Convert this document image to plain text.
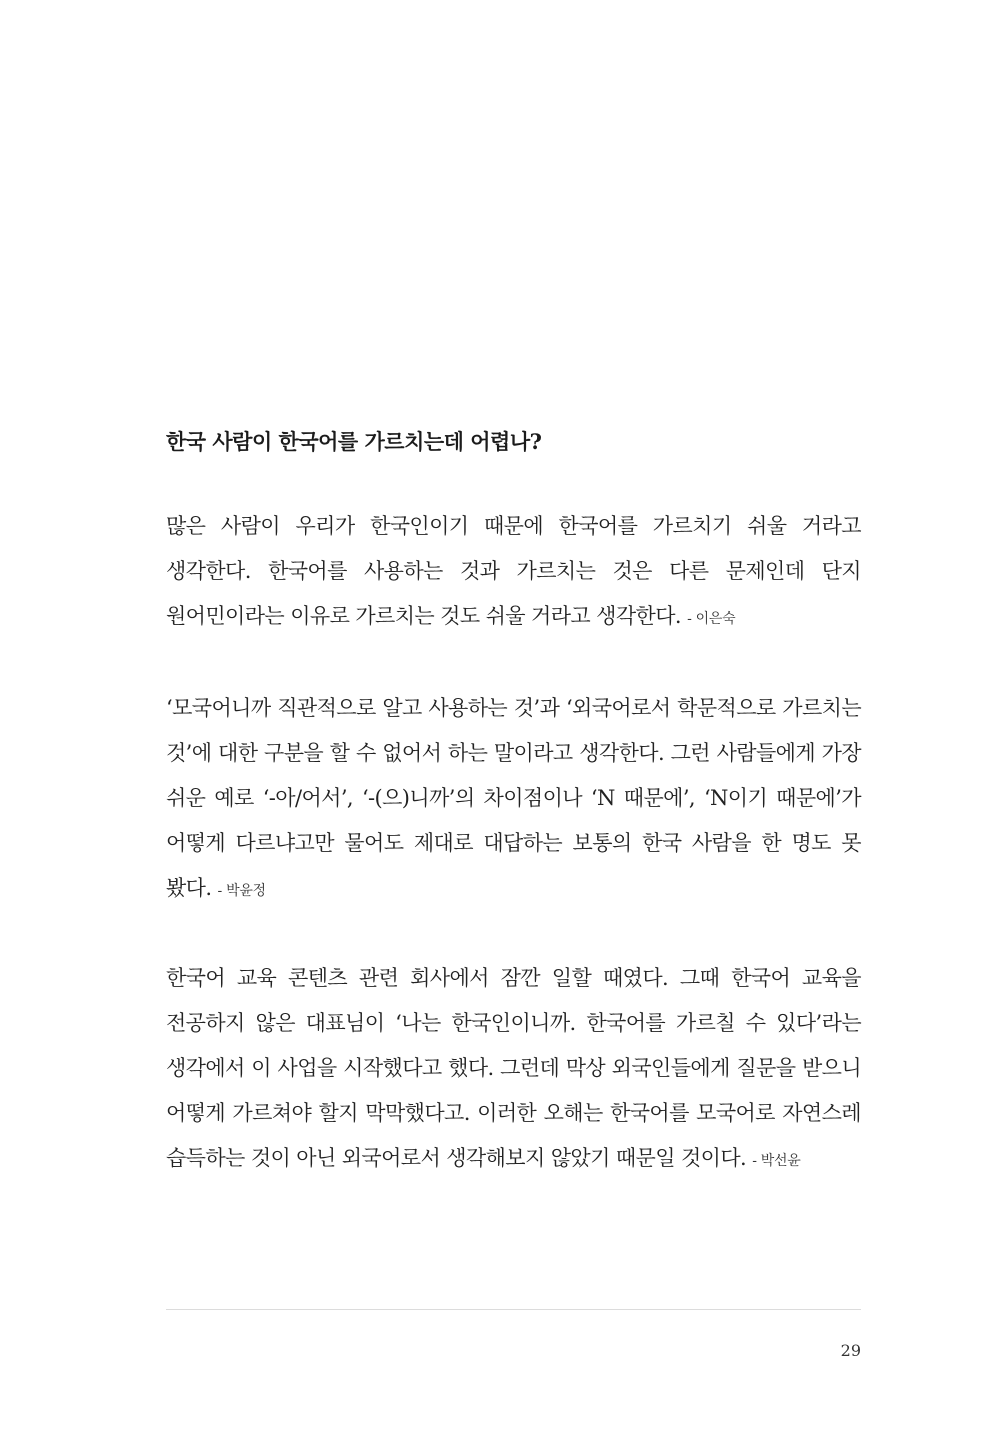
한국 사람이 한국어를 가르치는데 어렵나?

많은 사람이 우리가 한국인이기 때문에 한국어를 가르치기 쉬울 거라고 생각한다. 한국어를 사용하는 것과 가르치는 것은 다른 문제인데 단지 원어민이라는 이유로 가르치는 것도 쉬울 거라고 생각한다. - 이은숙

‘모국어니까 직관적으로 알고 사용하는 것’과 ‘외국어로서 학문적으로 가르치는 것’에 대한 구분을 할 수 없어서 하는 말이라고 생각한다. 그런 사람들에게 가장 쉬운 예로 ‘-아/어서’, ‘-(으)니까’의 차이점이나 ‘N 때문에’, ‘N이기 때문에’가 어떻게 다르냐고만 물어도 제대로 대답하는 보통의 한국 사람을 한 명도 못 봤다. - 박윤정

한국어 교육 콘텐츠 관련 회사에서 잠깐 일할 때였다. 그때 한국어 교육을 전공하지 않은 대표님이 ‘나는 한국인이니까. 한국어를 가르칠 수 있다’라는 생각에서 이 사업을 시작했다고 했다. 그런데 막상 외국인들에게 질문을 받으니 어떻게 가르쳐야 할지 막막했다고. 이러한 오해는 한국어를 모국어로 자연스레 습득하는 것이 아닌 외국어로서 생각해보지 않았기 때문일 것이다. - 박선윤

29
